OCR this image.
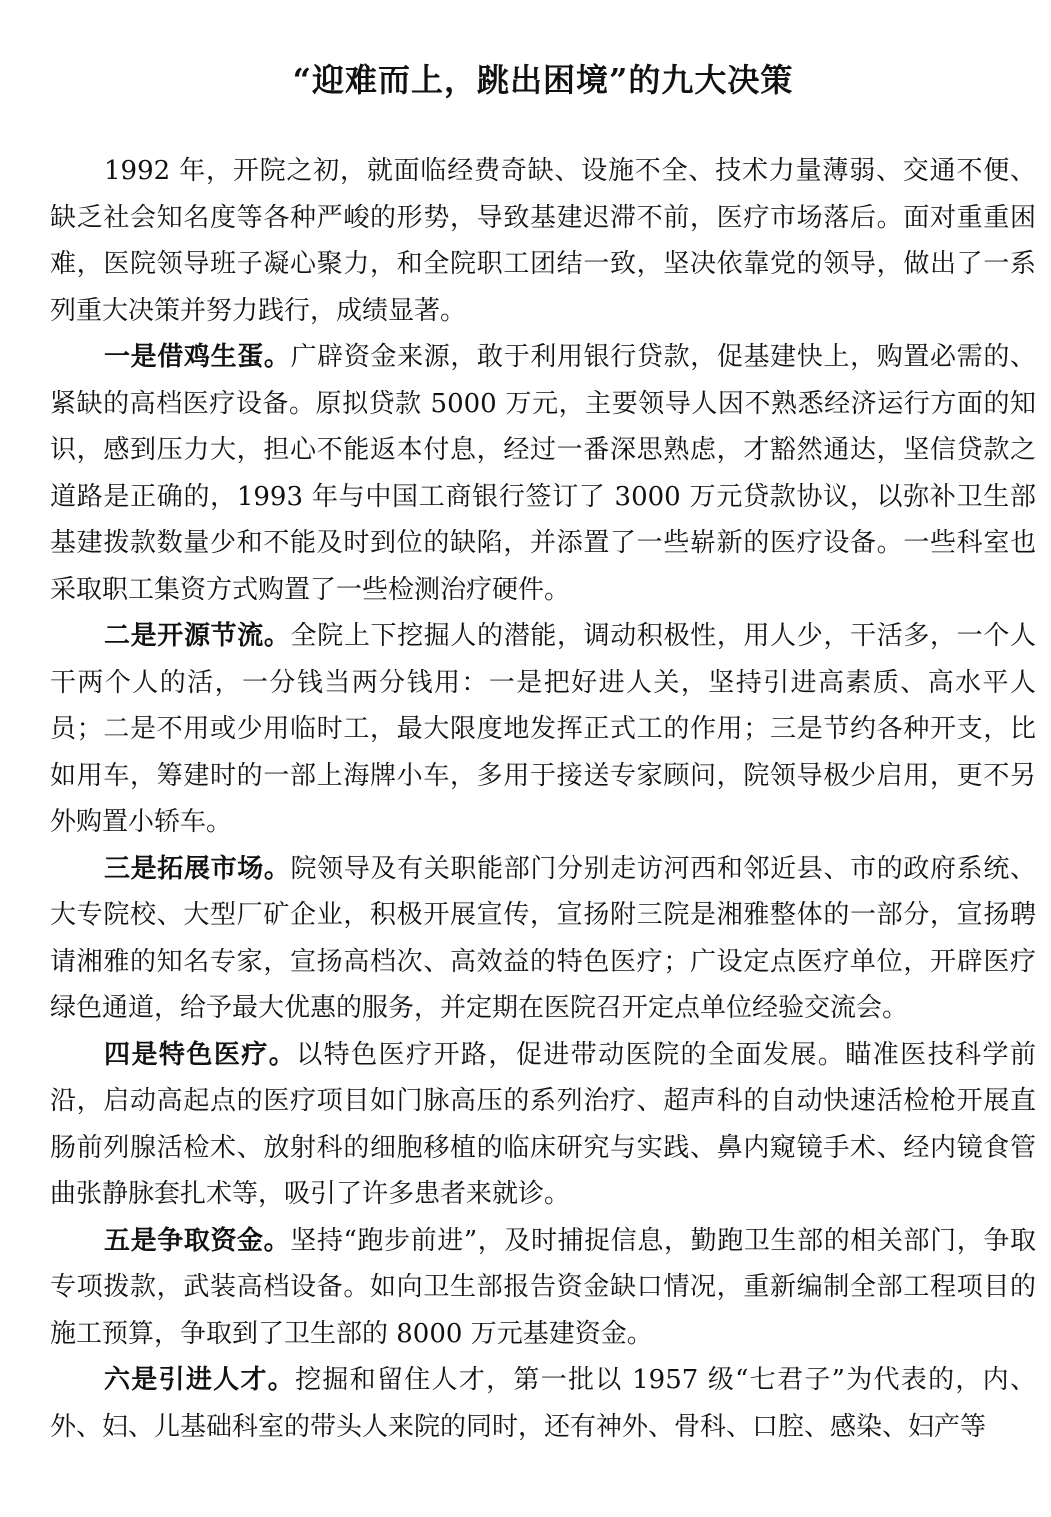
“迎难而上，跳出困境”的九大决策

1992 年，开院之初，就面临经费奇缺、设施不全、技术力量薄弱、交通不便、缺乏社会知名度等各种严峻的形势，导致基建迟滞不前，医疗市场落后。面对重重困难，医院领导班子凝心聚力，和全院职工团结一致，坚决依靠党的领导，做出了一系列重大决策并努力践行，成绩显著。

一是借鸡生蛋。广辟资金来源，敢于利用银行贷款，促基建快上，购置必需的、紧缺的高档医疗设备。原拟贷款 5000 万元，主要领导人因不熟悉经济运行方面的知识，感到压力大，担心不能返本付息，经过一番深思熟虑，才豁然通达，坚信贷款之道路是正确的，1993 年与中国工商银行签订了 3000 万元贷款协议，以弥补卫生部基建拨款数量少和不能及时到位的缺陷，并添置了一些崭新的医疗设备。一些科室也采取职工集资方式购置了一些检测治疗硬件。

二是开源节流。全院上下挖掘人的潜能，调动积极性，用人少，干活多，一个人干两个人的活，一分钱当两分钱用：一是把好进人关，坚持引进高素质、高水平人员；二是不用或少用临时工，最大限度地发挥正式工的作用；三是节约各种开支，比如用车，筹建时的一部上海牌小车，多用于接送专家顾问，院领导极少启用，更不另外购置小轿车。

三是拓展市场。院领导及有关职能部门分别走访河西和邻近县、市的政府系统、大专院校、大型厂矿企业，积极开展宣传，宣扬附三院是湘雅整体的一部分，宣扬聘请湘雅的知名专家，宣扬高档次、高效益的特色医疗；广设定点医疗单位，开辟医疗绿色通道，给予最大优惠的服务，并定期在医院召开定点单位经验交流会。

四是特色医疗。以特色医疗开路，促进带动医院的全面发展。瞄准医技科学前沿，启动高起点的医疗项目如门脉高压的系列治疗、超声科的自动快速活检枪开展直肠前列腺活检术、放射科的细胞移植的临床研究与实践、鼻内窥镜手术、经内镜食管曲张静脉套扎术等，吸引了许多患者来就诊。

五是争取资金。坚持“跑步前进”，及时捕捉信息，勤跑卫生部的相关部门，争取专项拨款，武装高档设备。如向卫生部报告资金缺口情况，重新编制全部工程项目的施工预算，争取到了卫生部的 8000 万元基建资金。

六是引进人才。挖掘和留住人才，第一批以 1957 级“七君子”为代表的，内、外、妇、儿基础科室的带头人来院的同时，还有神外、骨科、口腔、感染、妇产等
